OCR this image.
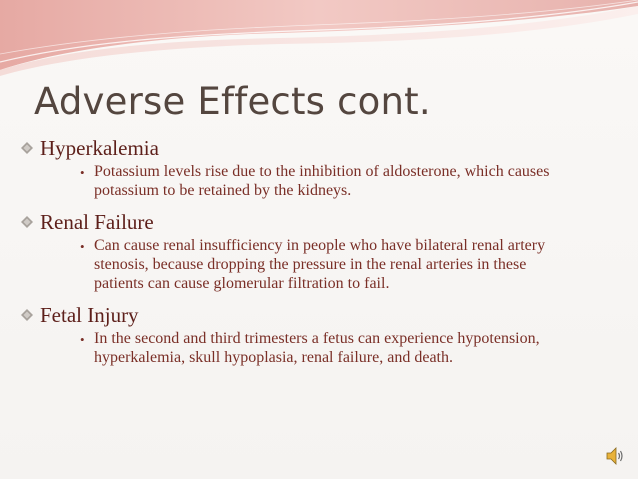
Adverse Effects cont.
Hyperkalemia
• Potassium levels rise due to the inhibition of aldosterone, which causes potassium to be retained by the kidneys.
Renal Failure
• Can cause renal insufficiency in people who have bilateral renal artery stenosis, because dropping the pressure in the renal arteries in these patients can cause glomerular filtration to fail.
Fetal Injury
• In the second and third trimesters a fetus can experience hypotension, hyperkalemia, skull hypoplasia, renal failure, and death.
